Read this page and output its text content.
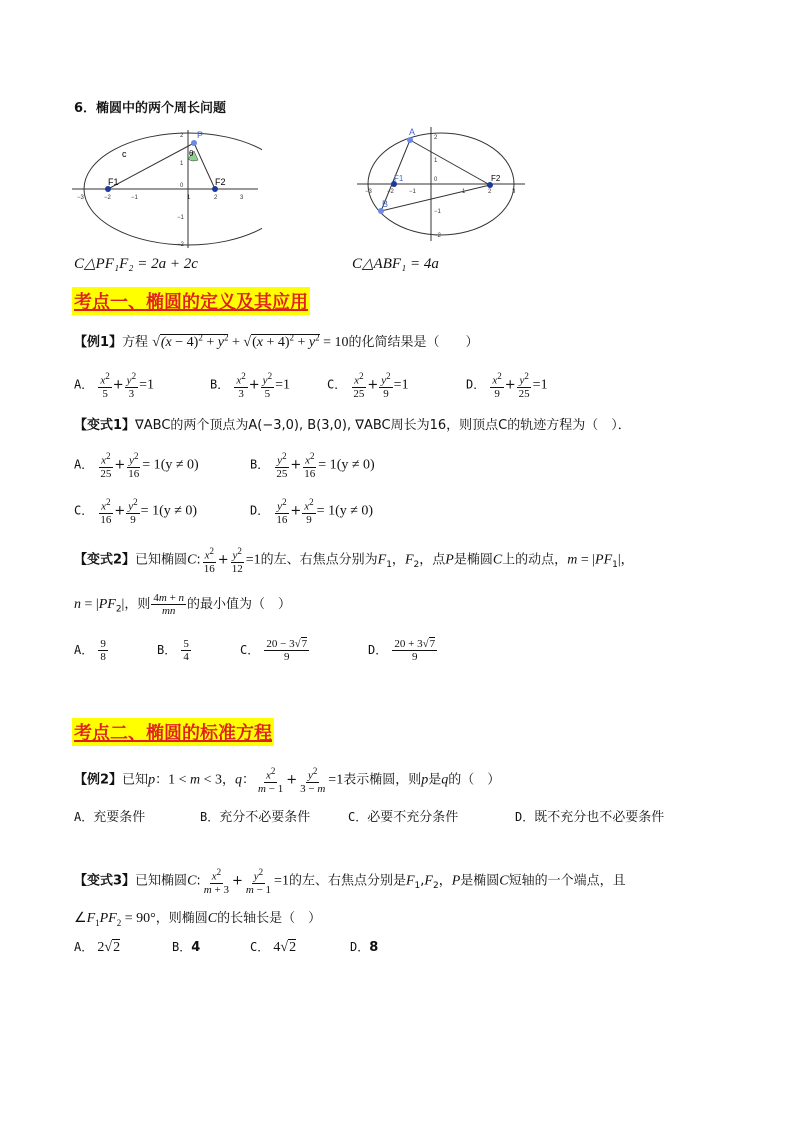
6．椭圆中的两个周长问题
c
P
θ
F1	F2
−3	−2	−1
0
1	2	3
2
1
−1
−2
A
B
F1	F2
−3	−2	−1
0
1	2	3
2
1
−1
−2
C△PF₁F₂ = 2a + 2c	C△ABF₁ = 4a
考点一、椭圆的定义及其应用
【例1】方程 $√(x - 4)^2 + y^2 + √(x + 4)^2 + y^2 = 10$的化简结果是（　　）
A． $\frac{x^2}{5} + \frac{y^2}{3} =1$	B． $\frac{x^2}{3} + \frac{y^2}{5} =1$	C． $\frac{x^2}{25} + \frac{y^2}{9} =1$	D． $\frac{x^2}{9} + \frac{y^2}{25} =1$
【变式1】∇ABC的两个顶点为A(−3,0), B(3,0), ∇ABC周长为16，则顶点C的轨迹方程为（　）．
A． $\frac{x^2}{25} + \frac{y^2}{16} = 1(y \ne 0)$	B． $\frac{y^2}{25} + \frac{x^2}{16} = 1(y \ne 0)$
C． $\frac{x^2}{16} + \frac{y^2}{9} = 1(y \ne 0)$	D． $\frac{y^2}{16} + \frac{x^2}{9} = 1(y \ne 0)$
【变式2】已知椭圆C: $\frac{x^2}{16} + \frac{y^2}{12} =1$的左、右焦点分别为$F_1$，$F_2$，点P是椭圆C上的动点，$m = |PF_1|$，
$n = |PF_2|$，则 $\frac{4m + n}{mn}$ 的最小值为（　）
A． $\frac{9}{8}$	B． $\frac{5}{4}$	C． $\frac{20 - 3√7}{9}$	D． $\frac{20 + 3√7}{9}$
考点二、椭圆的标准方程
【例2】已知p：1 < m < 3，q： $\frac{x^2}{m - 1} + \frac{y^2}{3 - m} =1$表示椭圆，则p是q的（　）
A．充要条件	B．充分不必要条件	C．必要不充分条件	D．既不充分也不必要条件
【变式3】已知椭圆C: $\frac{x^2}{m + 3} + \frac{y^2}{m - 1} =1$的左、右焦点分别是$F_1,F_2$，P是椭圆C短轴的一个端点，且
$\angle F_1PF_2 = 90^\circ$，则椭圆C的长轴长是（　）
A． 2√2	B．4	C． 4√2	D．8
